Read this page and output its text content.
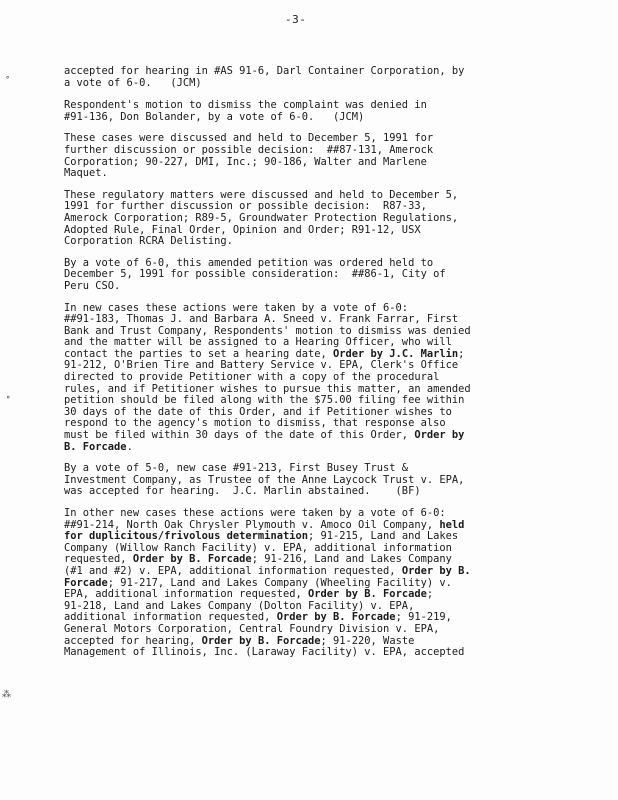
-3-
∘
∘
⁂
accepted for hearing in #AS 91-6, Darl Container Corporation, by
a vote of 6-0.   (JCM)
Respondent's motion to dismiss the complaint was denied in
#91-136, Don Bolander, by a vote of 6-0.   (JCM)
These cases were discussed and held to December 5, 1991 for
further discussion or possible decision:  ##87-131, Amerock
Corporation; 90-227, DMI, Inc.; 90-186, Walter and Marlene
Maquet.
These regulatory matters were discussed and held to December 5,
1991 for further discussion or possible decision:  R87-33,
Amerock Corporation; R89-5, Groundwater Protection Regulations,
Adopted Rule, Final Order, Opinion and Order; R91-12, USX
Corporation RCRA Delisting.
By a vote of 6-0, this amended petition was ordered held to
December 5, 1991 for possible consideration:  ##86-1, City of
Peru CSO.
In new cases these actions were taken by a vote of 6-0:
##91-183, Thomas J. and Barbara A. Sneed v. Frank Farrar, First
Bank and Trust Company, Respondents' motion to dismiss was denied
and the matter will be assigned to a Hearing Officer, who will
contact the parties to set a hearing date, Order by J.C. Marlin;
91-212, O'Brien Tire and Battery Service v. EPA, Clerk's Office
directed to provide Petitioner with a copy of the procedural
rules, and if Petitioner wishes to pursue this matter, an amended
petition should be filed along with the $75.00 filing fee within
30 days of the date of this Order, and if Petitioner wishes to
respond to the agency's motion to dismiss, that response also
must be filed within 30 days of the date of this Order, Order by
B. Forcade.
By a vote of 5-0, new case #91-213, First Busey Trust &
Investment Company, as Trustee of the Anne Laycock Trust v. EPA,
was accepted for hearing.  J.C. Marlin abstained.    (BF)
In other new cases these actions were taken by a vote of 6-0:
##91-214, North Oak Chrysler Plymouth v. Amoco Oil Company, held
for duplicitous/frivolous determination; 91-215, Land and Lakes
Company (Willow Ranch Facility) v. EPA, additional information
requested, Order by B. Forcade; 91-216, Land and Lakes Company
(#1 and #2) v. EPA, additional information requested, Order by B.
Forcade; 91-217, Land and Lakes Company (Wheeling Facility) v.
EPA, additional information requested, Order by B. Forcade;
91-218, Land and Lakes Company (Dolton Facility) v. EPA,
additional information requested, Order by B. Forcade; 91-219,
General Motors Corporation, Central Foundry Division v. EPA,
accepted for hearing, Order by B. Forcade; 91-220, Waste
Management of Illinois, Inc. (Laraway Facility) v. EPA, accepted
